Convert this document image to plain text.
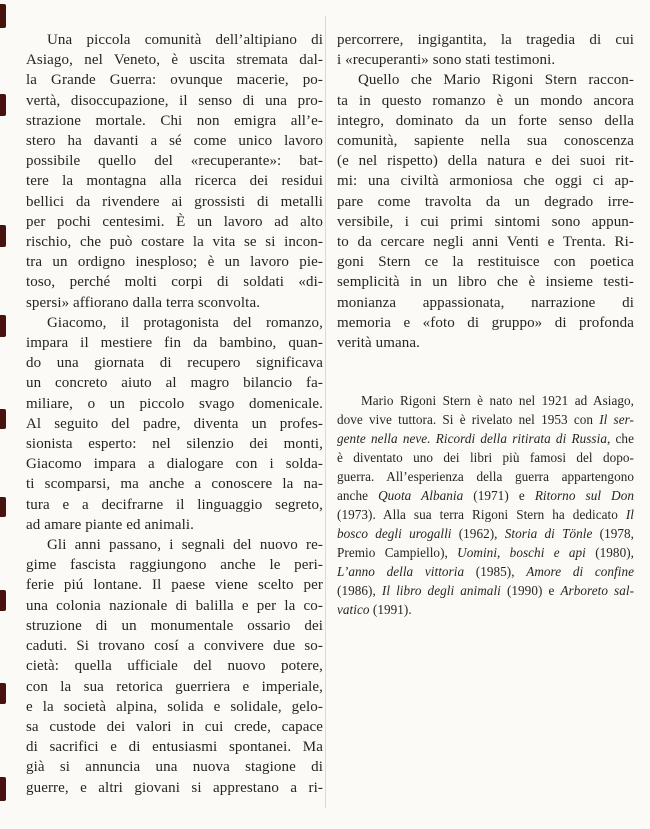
Una piccola comunità dell’altipiano di
Asiago, nel Veneto, è uscita stremata dal-
la Grande Guerra: ovunque macerie, po-
vertà, disoccupazione, il senso di una pro-
strazione mortale. Chi non emigra all’e-
stero ha davanti a sé come unico lavoro
possibile quello del «recuperante»: bat-
tere la montagna alla ricerca dei residui
bellici da rivendere ai grossisti di metalli
per pochi centesimi. È un lavoro ad alto
rischio, che può costare la vita se si incon-
tra un ordigno inesploso; è un lavoro pie-
toso, perché molti corpi di soldati «di-
spersi» affiorano dalla terra sconvolta.
Giacomo, il protagonista del romanzo,
impara il mestiere fin da bambino, quan-
do una giornata di recupero significava
un concreto aiuto al magro bilancio fa-
miliare, o un piccolo svago domenicale.
Al seguito del padre, diventa un profes-
sionista esperto: nel silenzio dei monti,
Giacomo impara a dialogare con i solda-
ti scomparsi, ma anche a conoscere la na-
tura e a decifrarne il linguaggio segreto,
ad amare piante ed animali.
Gli anni passano, i segnali del nuovo re-
gime fascista raggiungono anche le peri-
ferie piú lontane. Il paese viene scelto per
una colonia nazionale di balilla e per la co-
struzione di un monumentale ossario dei
caduti. Si trovano cosí a convivere due so-
cietà: quella ufficiale del nuovo potere,
con la sua retorica guerriera e imperiale,
e la società alpina, solida e solidale, gelo-
sa custode dei valori in cui crede, capace
di sacrifici e di entusiasmi spontanei. Ma
già si annuncia una nuova stagione di
guerre, e altri giovani si apprestano a ri-
percorrere, ingigantita, la tragedia di cui
i «recuperanti» sono stati testimoni.
Quello che Mario Rigoni Stern raccon-
ta in questo romanzo è un mondo ancora
integro, dominato da un forte senso della
comunità, sapiente nella sua conoscenza
(e nel rispetto) della natura e dei suoi rit-
mi: una civiltà armoniosa che oggi ci ap-
pare come travolta da un degrado irre-
versibile, i cui primi sintomi sono appun-
to da cercare negli anni Venti e Trenta. Ri-
goni Stern ce la restituisce con poetica
semplicità in un libro che è insieme testi-
monianza appassionata, narrazione di
memoria e «foto di gruppo» di profonda
verità umana.
Mario Rigoni Stern è nato nel 1921 ad Asiago,
dove vive tuttora. Si è rivelato nel 1953 con Il ser-
gente nella neve. Ricordi della ritirata di Russia, che
è diventato uno dei libri più famosi del dopo-
guerra. All’esperienza della guerra appartengono
anche Quota Albania (1971) e Ritorno sul Don
(1973). Alla sua terra Rigoni Stern ha dedicato Il
bosco degli urogalli (1962), Storia di Tönle (1978,
Premio Campiello), Uomini, boschi e api (1980),
L’anno della vittoria (1985), Amore di confine
(1986), Il libro degli animali (1990) e Arboreto sal-
vatico (1991).
